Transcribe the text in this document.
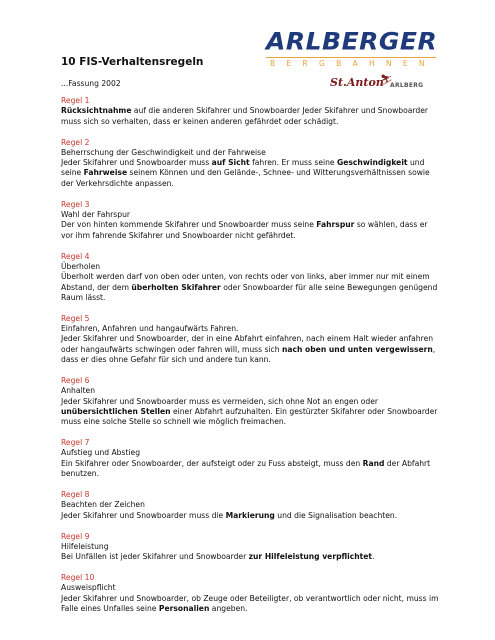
ARLBERGER
BERGBAHNEN
St.Anton
⛷
ARLBERG
10 FIS-Verhaltensregeln

...Fassung 2002

Regel 1

Rücksichtnahme auf die anderen Skifahrer und Snowboarder Jeder Skifahrer und Snowboarder muss sich so verhalten, dass er keinen anderen gefährdet oder schädigt.

Regel 2

Beherrschung der Geschwindigkeit und der Fahrweise

Jeder Skifahrer und Snowboarder muss auf Sicht fahren. Er muss seine Geschwindigkeit und seine Fahrweise seinem Können und den Gelände-, Schnee- und Witterungsverhältnissen sowie der Verkehrsdichte anpassen.

Regel 3

Wahl der Fahrspur

Der von hinten kommende Skifahrer und Snowboarder muss seine Fahrspur so wählen, dass er vor ihm fahrende Skifahrer und Snowboarder nicht gefährdet.

Regel 4

Überholen

Überholt werden darf von oben oder unten, von rechts oder von links, aber immer nur mit einem Abstand, der dem überholten Skifahrer oder Snowboarder für alle seine Bewegungen genügend Raum lässt.

Regel 5

Einfahren, Anfahren und hangaufwärts Fahren.

Jeder Skifahrer und Snowboarder, der in eine Abfahrt einfahren, nach einem Halt wieder anfahren oder hangaufwärts schwingen oder fahren will, muss sich nach oben und unten vergewissern, dass er dies ohne Gefahr für sich und andere tun kann.

Regel 6

Anhalten

Jeder Skifahrer und Snowboarder muss es vermeiden, sich ohne Not an engen oder unübersichtlichen Stellen einer Abfahrt aufzuhalten. Ein gestürzter Skifahrer oder Snowboarder muss eine solche Stelle so schnell wie möglich freimachen.

Regel 7

Aufstieg und Abstieg

Ein Skifahrer oder Snowboarder, der aufsteigt oder zu Fuss absteigt, muss den Rand der Abfahrt benutzen.

Regel 8

Beachten der Zeichen

Jeder Skifahrer und Snowboarder muss die Markierung und die Signalisation beachten.

Regel 9

Hilfeleistung

Bei Unfällen ist jeder Skifahrer und Snowboarder zur Hilfeleistung verpflichtet.

Regel 10

Ausweispflicht

Jeder Skifahrer und Snowboarder, ob Zeuge oder Beteiligter, ob verantwortlich oder nicht, muss im Falle eines Unfalles seine Personalien angeben.
